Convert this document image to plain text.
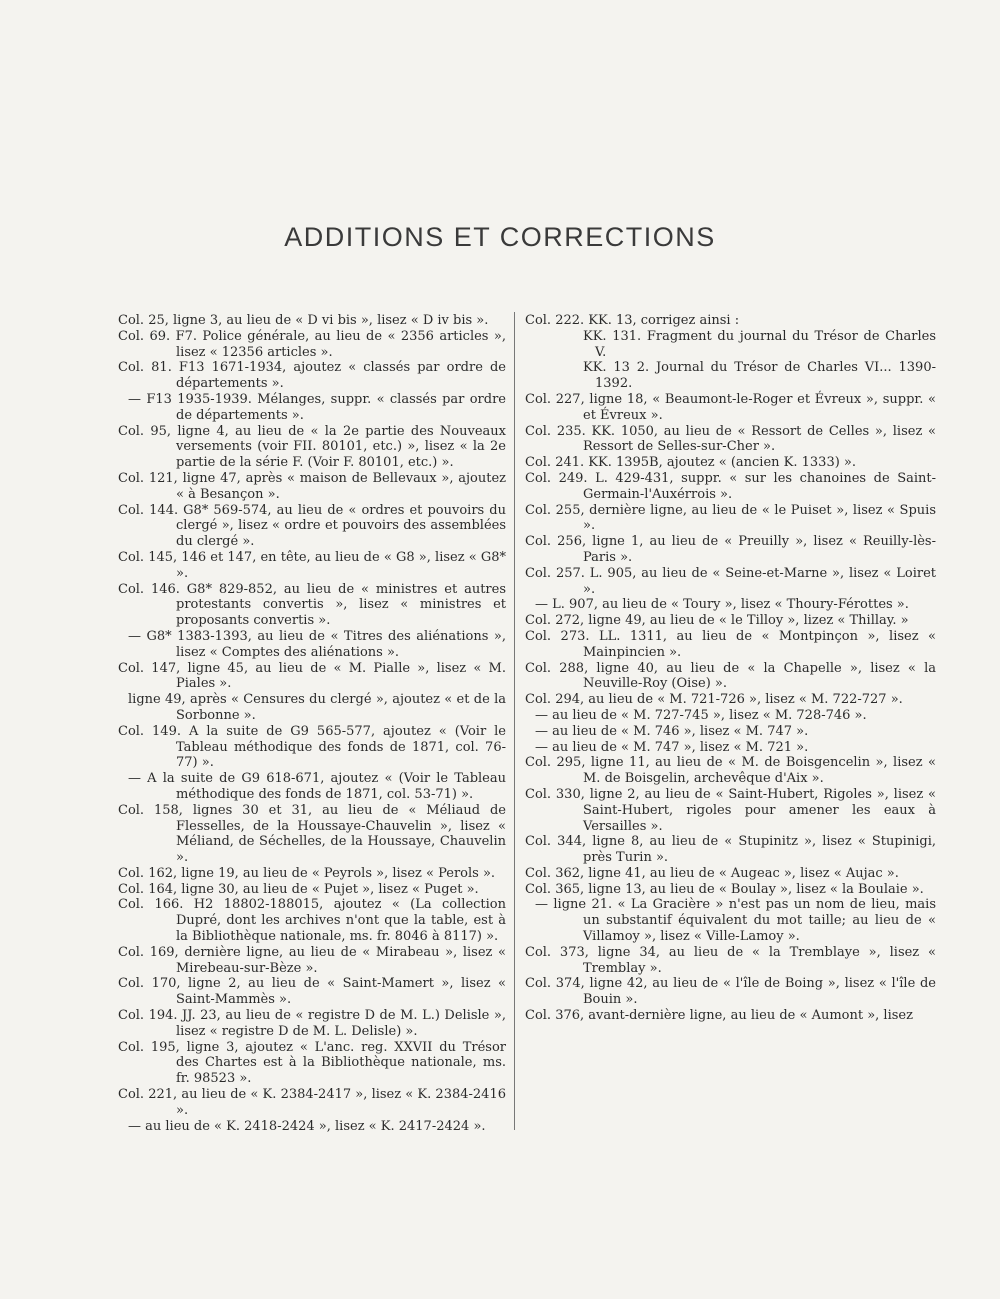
ADDITIONS ET CORRECTIONS

Col. 25, ligne 3, au lieu de « D vi bis », lisez « D iv bis ».

Col. 69. F7. Police générale, au lieu de « 2356 articles », lisez « 12356 articles ».

Col. 81. F13 1671-1934, ajoutez « classés par ordre de départements ».

— F13 1935-1939. Mélanges, suppr. « classés par ordre de départements ».

Col. 95, ligne 4, au lieu de « la 2e partie des Nouveaux versements (voir FII. 80101, etc.) », lisez « la 2e partie de la série F. (Voir F. 80101, etc.) ».

Col. 121, ligne 47, après « maison de Bellevaux », ajoutez « à Besançon ».

Col. 144. G8* 569-574, au lieu de « ordres et pouvoirs du clergé », lisez « ordre et pouvoirs des assemblées du clergé ».

Col. 145, 146 et 147, en tête, au lieu de « G8 », lisez « G8* ».

Col. 146. G8* 829-852, au lieu de « ministres et autres protestants convertis », lisez « ministres et proposants convertis ».

— G8* 1383-1393, au lieu de « Titres des aliénations », lisez « Comptes des aliénations ».

Col. 147, ligne 45, au lieu de « M. Pialle », lisez « M. Piales ».

ligne 49, après « Censures du clergé », ajoutez « et de la Sorbonne ».

Col. 149. A la suite de G9 565-577, ajoutez « (Voir le Tableau méthodique des fonds de 1871, col. 76-77) ».

— A la suite de G9 618-671, ajoutez « (Voir le Tableau méthodique des fonds de 1871, col. 53-71) ».

Col. 158, lignes 30 et 31, au lieu de « Méliaud de Flesselles, de la Houssaye-Chauvelin », lisez « Méliand, de Séchelles, de la Houssaye, Chauvelin ».

Col. 162, ligne 19, au lieu de « Peyrols », lisez « Perols ».

Col. 164, ligne 30, au lieu de « Pujet », lisez « Puget ».

Col. 166. H2 18802-188015, ajoutez « (La collection Dupré, dont les archives n'ont que la table, est à la Bibliothèque nationale, ms. fr. 8046 à 8117) ».

Col. 169, dernière ligne, au lieu de « Mirabeau », lisez « Mirebeau-sur-Bèze ».

Col. 170, ligne 2, au lieu de « Saint-Mamert », lisez « Saint-Mammès ».

Col. 194. JJ. 23, au lieu de « registre D de M. L.) Delisle », lisez « registre D de M. L. Delisle) ».

Col. 195, ligne 3, ajoutez « L'anc. reg. XXVII du Trésor des Chartes est à la Bibliothèque nationale, ms. fr. 98523 ».

Col. 221, au lieu de « K. 2384-2417 », lisez « K. 2384-2416 ».

— au lieu de « K. 2418-2424 », lisez « K. 2417-2424 ».

Col. 222. KK. 13, corrigez ainsi :

KK. 131. Fragment du journal du Trésor de Charles V.

KK. 13 2. Journal du Trésor de Charles VI... 1390-1392.

Col. 227, ligne 18, « Beaumont-le-Roger et Évreux », suppr. « et Évreux ».

Col. 235. KK. 1050, au lieu de « Ressort de Celles », lisez « Ressort de Selles-sur-Cher ».

Col. 241. KK. 1395B, ajoutez « (ancien K. 1333) ».

Col. 249. L. 429-431, suppr. « sur les chanoines de Saint-Germain-l'Auxérrois ».

Col. 255, dernière ligne, au lieu de « le Puiset », lisez « Spuis ».

Col. 256, ligne 1, au lieu de « Preuilly », lisez « Reuilly-lès-Paris ».

Col. 257. L. 905, au lieu de « Seine-et-Marne », lisez « Loiret ».

— L. 907, au lieu de « Toury », lisez « Thoury-Férottes ».

Col. 272, ligne 49, au lieu de « le Tilloy », lizez « Thillay. »

Col. 273. LL. 1311, au lieu de « Montpinçon », lisez « Mainpincien ».

Col. 288, ligne 40, au lieu de « la Chapelle », lisez « la Neuville-Roy (Oise) ».

Col. 294, au lieu de « M. 721-726 », lisez « M. 722-727 ».

— au lieu de « M. 727-745 », lisez « M. 728-746 ».

— au lieu de « M. 746 », lisez « M. 747 ».

— au lieu de « M. 747 », lisez « M. 721 ».

Col. 295, ligne 11, au lieu de « M. de Boisgencelin », lisez « M. de Boisgelin, archevêque d'Aix ».

Col. 330, ligne 2, au lieu de « Saint-Hubert, Rigoles », lisez « Saint-Hubert, rigoles pour amener les eaux à Versailles ».

Col. 344, ligne 8, au lieu de « Stupinitz », lisez « Stupinigi, près Turin ».

Col. 362, ligne 41, au lieu de « Augeac », lisez « Aujac ».

Col. 365, ligne 13, au lieu de « Boulay », lisez « la Boulaie ».

— ligne 21. « La Gracière » n'est pas un nom de lieu, mais un substantif équivalent du mot taille; au lieu de « Villamoy », lisez « Ville-Lamoy ».

Col. 373, ligne 34, au lieu de « la Tremblaye », lisez « Tremblay ».

Col. 374, ligne 42, au lieu de « l'île de Boing », lisez « l'île de Bouin ».

Col. 376, avant-dernière ligne, au lieu de « Aumont », lisez
